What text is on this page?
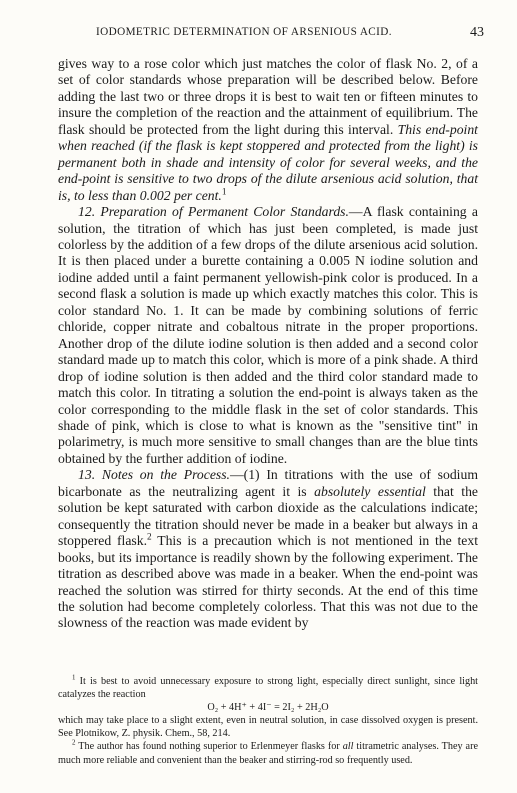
IODOMETRIC DETERMINATION OF ARSENIOUS ACID.	43

gives way to a rose color which just matches the color of flask No. 2, of a set of color standards whose preparation will be described below. Before adding the last two or three drops it is best to wait ten or fifteen minutes to insure the completion of the reaction and the attainment of equilibrium. The flask should be protected from the light during this interval. This end-point when reached (if the flask is kept stoppered and protected from the light) is permanent both in shade and intensity of color for several weeks, and the end-point is sensitive to two drops of the dilute arsenious acid solution, that is, to less than 0.002 per cent.$^1$

12. Preparation of Permanent Color Standards.—A flask containing a solution, the titration of which has just been completed, is made just colorless by the addition of a few drops of the dilute arsenious acid solution. It is then placed under a burette containing a 0.005 N iodine solution and iodine added until a faint permanent yellowish-pink color is produced. In a second flask a solution is made up which exactly matches this color. This is color standard No. 1. It can be made by combining solutions of ferric chloride, copper nitrate and cobaltous nitrate in the proper proportions. Another drop of the dilute iodine solution is then added and a second color standard made up to match this color, which is more of a pink shade. A third drop of iodine solution is then added and the third color standard made to match this color. In titrating a solution the end-point is always taken as the color corresponding to the middle flask in the set of color standards. This shade of pink, which is close to what is known as the "sensitive tint" in polarimetry, is much more sensitive to small changes than are the blue tints obtained by the further addition of iodine.

13. Notes on the Process.—(1) In titrations with the use of sodium bicarbonate as the neutralizing agent it is absolutely essential that the solution be kept saturated with carbon dioxide as the calculations indicate; consequently the titration should never be made in a beaker but always in a stoppered flask.$^2$ This is a precaution which is not mentioned in the text books, but its importance is readily shown by the following experiment. The titration as described above was made in a beaker. When the end-point was reached the solution was stirred for thirty seconds. At the end of this time the solution had become completely colorless. That this was not due to the slowness of the reaction was made evident by

$^1$ It is best to avoid unnecessary exposure to strong light, especially direct sunlight, since light catalyzes the reaction

O₂ + 4H⁺ + 4I⁻ = 2I₂ + 2H₂O

which may take place to a slight extent, even in neutral solution, in case dissolved oxygen is present. See Plotnikow, Z. physik. Chem., 58, 214.

$^2$ The author has found nothing superior to Erlenmeyer flasks for all titrametric analyses. They are much more reliable and convenient than the beaker and stirring-rod so frequently used.
